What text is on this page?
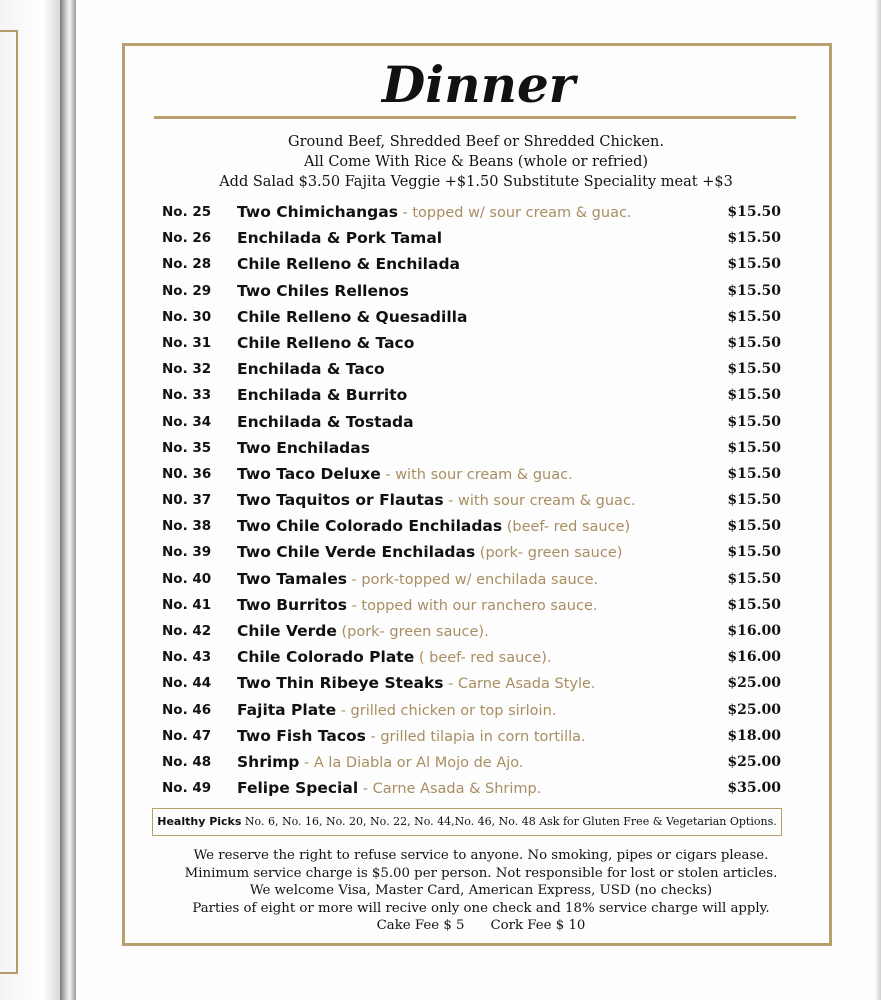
Dinner
Ground Beef, Shredded Beef or Shredded Chicken.
All Come With Rice & Beans (whole or refried)
Add Salad $3.50 Fajita Veggie +$1.50 Substitute Speciality meat +$3
No. 25 Two Chimichangas - topped w/ sour cream & guac.	$15.50
No. 26 Enchilada & Pork Tamal	$15.50
No. 28 Chile Relleno & Enchilada	$15.50
No. 29 Two Chiles Rellenos	$15.50
No. 30 Chile Relleno & Quesadilla	$15.50
No. 31 Chile Relleno & Taco	$15.50
No. 32 Enchilada & Taco	$15.50
No. 33 Enchilada & Burrito	$15.50
No. 34 Enchilada & Tostada	$15.50
No. 35 Two Enchiladas	$15.50
N0. 36 Two Taco Deluxe - with sour cream & guac.	$15.50
N0. 37 Two Taquitos or Flautas - with sour cream & guac.	$15.50
No. 38 Two Chile Colorado Enchiladas (beef- red sauce)	$15.50
No. 39 Two Chile Verde Enchiladas (pork- green sauce)	$15.50
No. 40 Two Tamales - pork-topped w/ enchilada sauce.	$15.50
No. 41 Two Burritos - topped with our ranchero sauce.	$15.50
No. 42 Chile Verde (pork- green sauce).	$16.00
No. 43 Chile Colorado Plate ( beef- red sauce).	$16.00
No. 44 Two Thin Ribeye Steaks - Carne Asada Style.	$25.00
No. 46 Fajita Plate - grilled chicken or top sirloin.	$25.00
No. 47 Two Fish Tacos - grilled tilapia in corn tortilla.	$18.00
No. 48 Shrimp - A la Diabla or Al Mojo de Ajo.	$25.00
No. 49 Felipe Special - Carne Asada & Shrimp.	$35.00
Healthy Picks No. 6, No. 16, No. 20, No. 22, No. 44,No. 46, No. 48 Ask for Gluten Free & Vegetarian Options.
We reserve the right to refuse service to anyone. No smoking, pipes or cigars please.
Minimum service charge is $5.00 per person. Not responsible for lost or stolen articles.
We welcome Visa, Master Card, American Express, USD (no checks)
Parties of eight or more will recive only one check and 18% service charge will apply.
Cake Fee $ 5 Cork Fee $ 10
